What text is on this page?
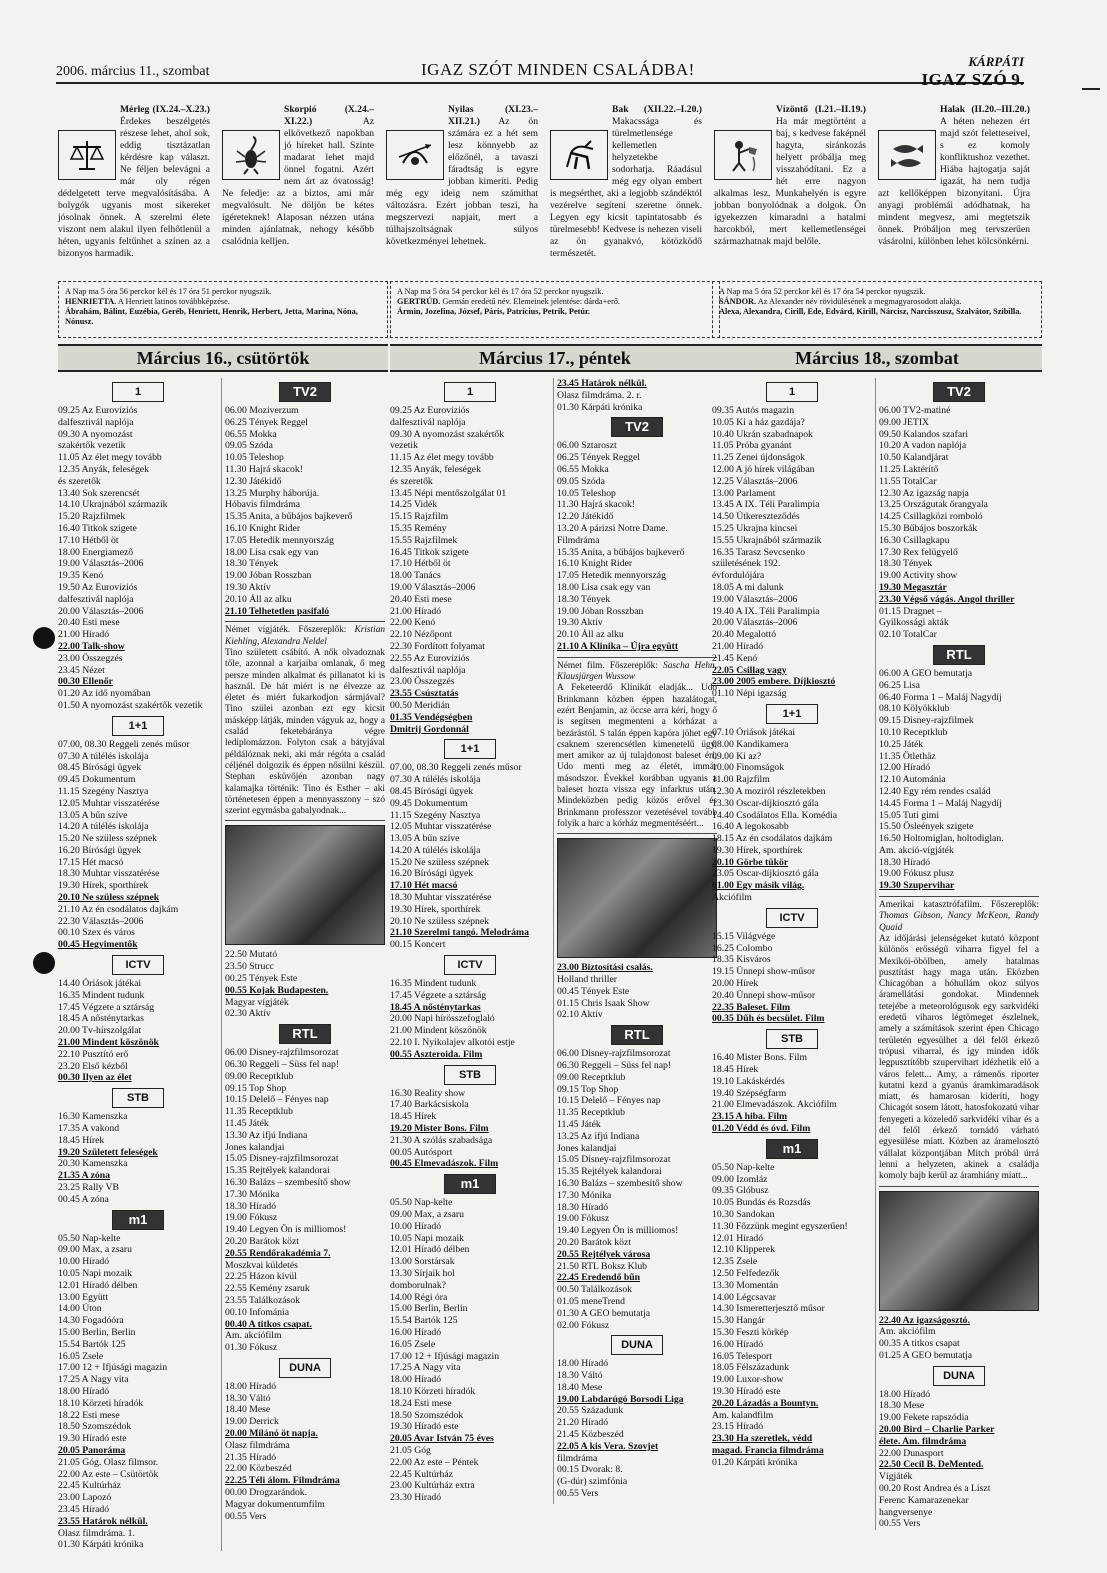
2006. március 11., szombat	IGAZ SZÓT MINDEN CSALÁDBA!	KÁRPÁTI
IGAZ SZÓ 9.
Mérleg (IX.24.–X.23.) Érdekes beszélgetés részese lehet, ahol sok, eddig tisztázatlan kérdésre kap választ. Ne féljen belevágni a már oly régen dédelgetett terve megvalósításába. A bolygók ugyanis most sikereket jósolnak önnek. A szerelmi élete viszont nem alakul ilyen felhőtlenül a héten, ugyanis feltűnhet a színen az a bizonyos harmadik.
Skorpió (X.24.–XI.22.)	Az elkövetkező napokban jó híreket hall. Szinte madarat lehet majd önnel fogatni. Azért nem árt az óvatosság! Ne feledje: az a biztos, ami már megvalósult. Ne döljön be kétes ígéreteknek! Alaposan nézzen utána minden ajánlatnak, nehogy később csalódnia kelljen.
Nyilas (XI.23.–XII.21.) Az ön számára ez a hét sem lesz könnyebb az előzőnél, a tavaszi fáradtság is egyre jobban kimeríti. Pedig még egy ideig nem számíthat változásra. Ezért jobban teszi, ha megszervezi napjait, mert a túlhajszoltságnak súlyos következményei lehetnek.
Bak (XII.22.–I.20.) Makacssága és türelmetlensége kellemetlen helyzetekbe sodorhatja. Ráadásul még egy olyan embert is megsérthet, aki a legjobb szándéktól vezérelve segíteni szeretne önnek. Legyen egy kicsit tapintatosabb és türelmesebb! Kedvese is nehezen viseli az ön gyanakvó, kötözködő természetét.
Vízöntő (I.21.–II.19.) Ha már megtörtént a baj, s kedvese faképnél hagyta, siránkozás helyett próbálja meg visszahódítani. Ez a hét erre nagyon alkalmas lesz. Munkahelyén is egyre jobban bonyolódnak a dolgok. Ön igyekezzen kimaradni a hatalmi harcokból, mert kellemetlenségei származhatnak majd belőle.
Halak (II.20.–III.20.) A héten nehezen ért majd szót feletteseivel, s ez komoly konfliktushoz vezethet. Hiába hajtogatja saját igazát, ha nem tudja azt kellőképpen bizonyítani. Újra anyagi problémái adódhatnak, ha mindent megvesz, ami megtetszik önnek. Próbáljon meg tervszerűen vásárolni, különben lehet kölcsönkérni.
A Nap ma 5 óra 56 perckor kél és 17 óra 51 perckor nyugszik.
HENRIETTA. A Henriett latinos továbbképzése.
Ábrahám, Bálint, Euzébia, Geréb, Henriett, Henrik, Herbert, Jetta, Marina, Nóna, Nónusz.
Március 16., csütörtök
1
09.25 Az Eurovíziós
dalfesztivál naplója
09.30 A nyomozást
szakértők vezetik
11.05 Az élet megy tovább
12.35 Anyák, feleségek
és szeretők
13.40 Sok szerencsét
14.10 Ukrajnából származik
15.20 Rajzfilmek
16.40 Titkok szigete
17.10 Hétből öt
18.00 Energiamező
19.00 Választás–2006
19.35 Kenó
19.50 Az Eurovíziós
dalfesztivál naplója
20.00 Választás–2006
20.40 Esti mese
21.00 Híradó
22.00 Talk-show
23.00 Összegzés
23.45 Nézet
00.30 Ellenőr
01.20 Az idő nyomában
01.50 A nyomozást szakértők vezetik
1+1
07.00, 08.30 Reggeli zenés műsor
07.30 A túlélés iskolája
08.45 Bírósági ügyek
09.45 Dokumentum
11.15 Szegény Nasztya
12.05 Muhtar visszatérése
13.05 A bűn szíve
14.20 A túlélés iskolája
15.20 Ne szüless szépnek
16.20 Bírósági ügyek
17.15 Hét macsó
18.30 Muhtar visszatérése
19.30 Hírek, sporthírek
20.10 Ne szüless szépnek
21.10 Az én csodálatos dajkám
22.30 Választás–2006
00.10 Szex és város
00.45 Hegyimentők
ICTV
14.40 Óriások játékai
16.35 Mindent tudunk
17.45 Végzete a sztárság
18.45 A nősténytarkas
20.00 Tv-hírszolgálat
21.00 Mindent köszönök
22.10 Pusztító erő
23.20 Első kézből
00.30 Ilyen az élet
STB
16.30 Kamenszka
17.35 A vakond
18.45 Hírek
19.20 Született feleségek
20.30 Kamenszka
21.35 A zóna
23.25 Rally VB
00.45 A zóna
m1
05.50 Nap-kelte
09.00 Max, a zsaru
10.00 Híradó
10.05 Napi mozaik
12.01 Híradó délben
13.00 Együtt
14.00 Úton
14.30 Fogadóóra
15.00 Berlin, Berlin
15.54 Bartók 125
16.05 Zsele
17.00 12 + Ifjúsági magazin
17.25 A Nagy vita
18.00 Híradó
18.10 Körzeti híradók
18.22 Esti mese
18.50 Szomszédok
19.30 Híradó este
20.05 Panoráma
21.05 Góg. Olasz filmsor.
22.00 Az este – Csütörtök
22.45 Kultúrház
23.00 Lapozó
23.45 Híradó
23.55 Határok nélkül.
Olasz filmdráma. 1.
01.30 Kárpáti krónika
TV2
06.00 Moziverzum
06.25 Tények Reggel
06.55 Mokka
09.05 Szóda
10.05 Teleshop
11.30 Hajrá skacok!
12.30 Játékidő
13.25 Murphy háborúja.
Hóbavis filmdráma
15.35 Anita, a bűbájos bajkeverő
16.10 Knight Rider
17.05 Hetedik mennyország
18.00 Lisa csak egy van
18.30 Tények
19.00 Jóban Rosszban
19.30 Aktív
20.10 Áll az alku
21.10 Telhetetlen pasifaló
Német vígjáték. Főszereplők: Kristian Kiehling, Alexandra Neldel
Tino született csábító. A nők olvadoznak tőle, azonnal a karjaiba omlanak, ő meg persze minden alkalmat és pillanatot ki is használ. De hát miért is ne élvezze az életet és miért fukarkodjon sármjával? Tino szülei azonban ezt egy kicsit másképp látják, minden vágyuk az, hogy a család feketebáránya végre lediplomázzon. Folyton csak a bátyjával példálóznak neki, aki már régóta a család céljénél dolgozik és éppen nősülni készül. Stephan esküvőjén azonban nagy kalamajka történik: Tino és Esther – aki történetesen éppen a mennyasszony – szó szerint egymásba gabalyodnak...
22.50 Mutató
23.50 Strucc
00.25 Tények Este
00.55 Kojak Budapesten.
Magyar vígjáték
02.30 Aktív
RTL
06.00 Disney-rajzfilmsorozat
06.30 Reggeli – Süss fel nap!
09.00 Receptklub
09.15 Top Shop
10.15 Delelő – Fényes nap
11.35 Receptklub
11.45 Játék
13.30 Az ifjú Indiana
Jones kalandjai
15.05 Disney-rajzfilmsorozat
15.35 Rejtélyek kalandorai
16.30 Balázs – szembesítő show
17.30 Mónika
18.30 Híradó
19.00 Fókusz
19.40 Legyen Ön is milliomos!
20.20 Barátok közt
20.55 Rendőrakadémia 7.
Moszkvai küldetés
22.25 Házon kívül
22.55 Kemény zsaruk
23.55 Találkozások
00.10 Infománia
00.40 A titkos csapat.
Am. akciófilm
01.30 Fókusz
DUNA
18.00 Híradó
18.30 Váltó
18.40 Mese
19.00 Derrick
20.00 Milánó öt napja.
Olasz filmdráma
21.35 Híradó
22.00 Közbeszéd
22.25 Téli álom. Filmdráma
00.00 Drogzarándok.
Magyar dokumentumfilm
00.55 Vers
A Nap ma 5 óra 54 perckor kél és 17 óra 52 perckor nyugszik.
GERTRÚD. Germán eredetű név. Elemeinek jelentése: dárda+erő.
Ármin, Jozefina, József, Páris, Patrícius, Petrik, Petúr.
Március 17., péntek
1
09.25 Az Eurovíziós
dalfesztivál naplója
09.30 A nyomozást szakértők
vezetik
11.15 Az élet megy tovább
12.35 Anyák, feleségek
és szeretők
13.45 Népi mentőszolgálat 01
14.25 Vidék
15.15 Rajzfilm
15.35 Remény
15.55 Rajzfilmek
16.45 Titkok szigete
17.10 Hétből öt
18.00 Tanács
19.00 Választás–2006
20.40 Esti mese
21.00 Híradó
22.00 Kenó
22.10 Nézőpont
22.30 Fordított folyamat
22.55 Az Eurovíziós
dalfesztivál naplója
23.00 Összegzés
23.55 Csúsztatás
00.50 Meridián
01.35 Vendégségben
Dmitrij Gordonnál
1+1
07.00, 08.30 Reggeli zenés műsor
07.30 A túlélés iskolája
08.45 Bírósági ügyek
09.45 Dokumentum
11.15 Szegény Nasztya
12.05 Muhtar visszatérése
13.05 A bűn szíve
14.20 A túlélés iskolája
15.20 Ne szüless szépnek
16.20 Bírósági ügyek
17.10 Hét macsó
18.30 Muhtar visszatérése
19.30 Hírek, sporthírek
20.10 Ne szüless szépnek
21.10 Szerelmi tangó. Melodráma
00.15 Koncert
ICTV
16.35 Mindent tudunk
17.45 Végzete a sztárság
18.45 A nősténytarkas
20.00 Napi hírösszefoglaló
21.00 Mindent köszönök
22.10 I. Nyikolajev alkotói estje
00.55 Aszteroida. Film
STB
16.30 Reality show
17.40 Barkácsiskola
18.45 Hírek
19.20 Mister Bons. Film
21.30 A szólás szabadsága
00.05 Autósport
00.45 Elmevadászok. Film
m1
05.50 Nap-kelte
09.00 Max, a zsaru
10.00 Híradó
10.05 Napi mozaik
12.01 Híradó délben
13.00 Sorstársak
13.30 Sírjaik hol
domborulnak?
14.00 Régi óra
15.00 Berlin, Berlin
15.54 Bartók 125
16.00 Híradó
16.05 Zsele
17.00 12 + Ifjúsági magazin
17.25 A Nagy vita
18.00 Híradó
18.10 Körzeti híradók
18.24 Esti mese
18.50 Szomszédok
19.30 Híradó este
20.05 Avar István 75 éves
21.05 Góg
22.00 Az este – Péntek
22.45 Kultúrház
23.00 Kultúrház extra
23.30 Híradó
23.45 Határok nélkül.
Olasz filmdráma. 2. r.
01.30 Kárpáti krónika
TV2
06.00 Sztaroszt
06.25 Tények Reggel
06.55 Mokka
09.05 Szóda
10.05 Teleshop
11.30 Hajrá skacok!
12.20 Játékidő
13.20 A párizsi Notre Dame.
Filmdráma
15.35 Anita, a bűbájos bajkeverő
16.10 Knight Rider
17.05 Hetedik mennyország
18.00 Lisa csak egy van
18.30 Tények
19.00 Jóban Rosszban
19.30 Aktív
20.10 Áll az alku
21.10 A Klinika – Újra együtt
Német film. Főszereplők: Sascha Hehn, Klausjürgen Wussow
A Feketeerdő Klinikát eladják... Udo Brinkmann közben éppen hazalátogat, ezért Benjamin, az öccse arra kéri, hogy ő is segítsen megmenteni a kórházat a bezárástól. S talán éppen kapóra jöhet egy csaknem szerencsétlen kimenetelű ügy, mert amikor az új tulajdonost baleset éri, Udo menti meg az életét, immár másodszor. Évekkel korábban ugyanis a baleset hozta vissza egy infarktus után. Mindeközben pedig közös erővel és Brinkmann professzor vezetésével tovább folyik a harc a kórház megmentéséért...
23.00 Biztosítási csalás.
Holland thriller
00.45 Tények Este
01.15 Chris Isaak Show
02.10 Aktív
RTL
06.00 Disney-rajzfilmsorozat
06.30 Reggeli – Süss fel nap!
09.00 Receptklub
09.15 Top Shop
10.15 Delelő – Fényes nap
11.35 Receptklub
11.45 Játék
13.25 Az ifjú Indiana
Jones kalandjai
15.05 Disney-rajzfilmsorozat
15.35 Rejtélyek kalandorai
16.30 Balázs – szembesítő show
17.30 Mónika
18.30 Híradó
19.00 Fókusz
19.40 Legyen Ön is milliomos!
20.20 Barátok közt
20.55 Rejtélyek városa
21.50 RTL Boksz Klub
22.45 Eredendő bűn
00.50 Találkozások
01.05 meneTrend
01.30 A GEO bemutatja
02.00 Fókusz
DUNA
18.00 Híradó
18.30 Váltó
18.40 Mese
19.00 Labdarúgó Borsodi Liga
20.55 Századunk
21.20 Híradó
21.45 Közbeszéd
22.05 A kis Vera. Szovjet
filmdráma
00.15 Dvorak: 8.
(G-dúr) szimfónia
00.55 Vers
A Nap ma 5 óra 52 perckor kél és 17 óra 54 perckor nyugszik.
SÁNDOR. Az Alexander név rövidülésének a megmagyarosodott alakja.
Alexa, Alexandra, Cirill, Ede, Edvárd, Kirill, Nárcisz, Narcisszusz, Szalvátor, Szibilla.
Március 18., szombat
1
09.35 Autós magazin
10.05 Ki a ház gazdája?
10.40 Ukrán szabadnapok
11.05 Próba gyanánt
11.25 Zenei újdonságok
12.00 A jó hírek világában
12.25 Választás–2006
13.00 Parlament
13.45 A IX. Téli Paralimpia
14.50 Útkereszteződés
15.25 Ukrajna kincsei
15.55 Ukrajnából származik
16.35 Tarasz Sevcsenko
születésének 192.
évfordulójára
18.05 A mi dalunk
19.00 Választás–2006
19.40 A IX. Téli Paralimpia
20.00 Választás–2006
20.40 Megalottó
21.00 Híradó
21.45 Kenó
22.05 Csillag vagy
23.00 2005 embere. Díjkiosztó
01.10 Népi igazság
1+1
07.10 Óriások játékai
08.00 Kandikamera
09.00 Ki az?
10.00 Finomságok
11.00 Rajzfilm
12.30 A moziról részletekben
13.30 Oscar-díjkiosztó gála
14.40 Csodálatos Ella. Komédia
16.40 A legokosabb
18.15 Az én csodálatos dajkám
19.30 Hírek, sporthírek
20.10 Görbe tükör
23.05 Oscar-díjkiosztó gála
01.00 Egy másik világ.
Akciófilm
ICTV
15.15 Világvége
16.25 Colombo
18.35 Kisváros
19.15 Ünnepi show-műsor
20.00 Hírek
20.40 Ünnepi show-műsor
22.35 Baleset. Film
00.35 Dűh és becsület. Film
STB
16.40 Mister Bons. Film
18.45 Hírek
19.10 Lakáskérdés
19.40 Szépségfarm
21.00 Elmevadászok. Akciófilm
23.15 A hiba. Film
01.20 Védd és óvd. Film
m1
05.50 Nap-kelte
09.00 Izomláz
09.35 Glóbusz
10.05 Bundás és Rozsdás
10.30 Sandokan
11.30 Főzzünk megint egyszerűen!
12.01 Híradó
12.10 Klipperek
12.35 Zsele
12.50 Felfedezők
13.30 Momentán
14.00 Légcsavar
14.30 Ismeretterjesztő műsor
15.30 Hangár
15.30 Feszti körkép
16.00 Híradó
16.05 Telesport
18.05 Félszázadunk
19.00 Luxor-show
19.30 Híradó este
20.20 Lázadás a Bountyn.
Am. kalandfilm
23.15 Híradó
23.30 Ha szeretlek, védd
magad. Francia filmdráma
01.20 Kárpáti krónika
TV2
06.00 TV2-matiné
09.00 JETIX
09.50 Kalandos szafari
10.20 A vadon naplója
10.50 Kalandjárat
11.25 Laktérítő
11.55 TotalCar
12.30 Az igazság napja
13.25 Országutak őrangyala
14.25 Csillagközi romboló
15.30 Bűbájos boszorkák
16.30 Csillagkapu
17.30 Rex felügyelő
18.30 Tények
19.00 Activity show
19.30 Megasztár
23.30 Végső vágás. Angol thriller
01.15 Dragnet –
Gyilkossági akták
02.10 TotalCar
RTL
06.00 A GEO bemutatja
06.25 Lisa
06.40 Forma 1 – Maláj Nagydíj
08.10 Kölyökklub
09.15 Disney-rajzfilmek
10.10 Receptklub
10.25 Játék
11.35 Ötlethäz
12.00 Híradó
12.10 Autománia
12.40 Egy rém rendes család
14.45 Forma 1 – Maláj Nagydíj
15.05 Tuti gimi
15.50 Ösleények szigete
16.50 Holtomiglan, holtodiglan.
Am. akció-vígjáték
18.30 Híradó
19.00 Fókusz plusz
19.30 Szupervihar
Amerikai katasztrófafilm. Főszereplők: Thomas Gibson, Nancy McKeon, Randy Quaid
Az időjárási jelenségeket kutató központ különös erősségű viharra figyel fel a Mexikói-öbölben, amely hatalmas pusztítást hagy maga után. Eközben Chicagóban a hóhullám okoz súlyos áramellátási gondokat. Mindennek tetejébe a meteorológusok egy sarkvidéki eredetű viharos légtömeget észlelnek, amely a számítások szerint épen Chicago területén egyesülhet a dél felől érkező trópusi viharral, és így minden idők legpusztítóbb szupervihart idézhetik elő a város felett... Amy, a rámenős riporter kutatni kezd a gyanús áramkimaradások miatt, és hamarosan kideríti, hogy Chicagót sosem látott, hatosfokozatú vihar fenyegeti a közeledő sarkvidéki vihar és a dél felől érkező tornádó várható egyesülése miatt. Közben az áramelosztó vállalat központjában Mitch próbál úrrá lenni a helyzeten, akinek a családja komoly bajb​ kerül az áramhiány miatt...
22.40 Az igazságosztó.
Am. akciófilm
00.35 A titkos csapat
01.25 A GEO bemutatja
DUNA
18.00 Híradó
18.30 Mese
19.00 Fekete rapszódia
20.00 Bird – Charlie Parker
élete. Am. filmdráma
22.00 Dunasport
22.50 Cecil B. DeMented.
Vígjáték
00.20 Rost Andrea és a Liszt
Ferenc Kamarazenekar
hangversenye
00.55 Vers
